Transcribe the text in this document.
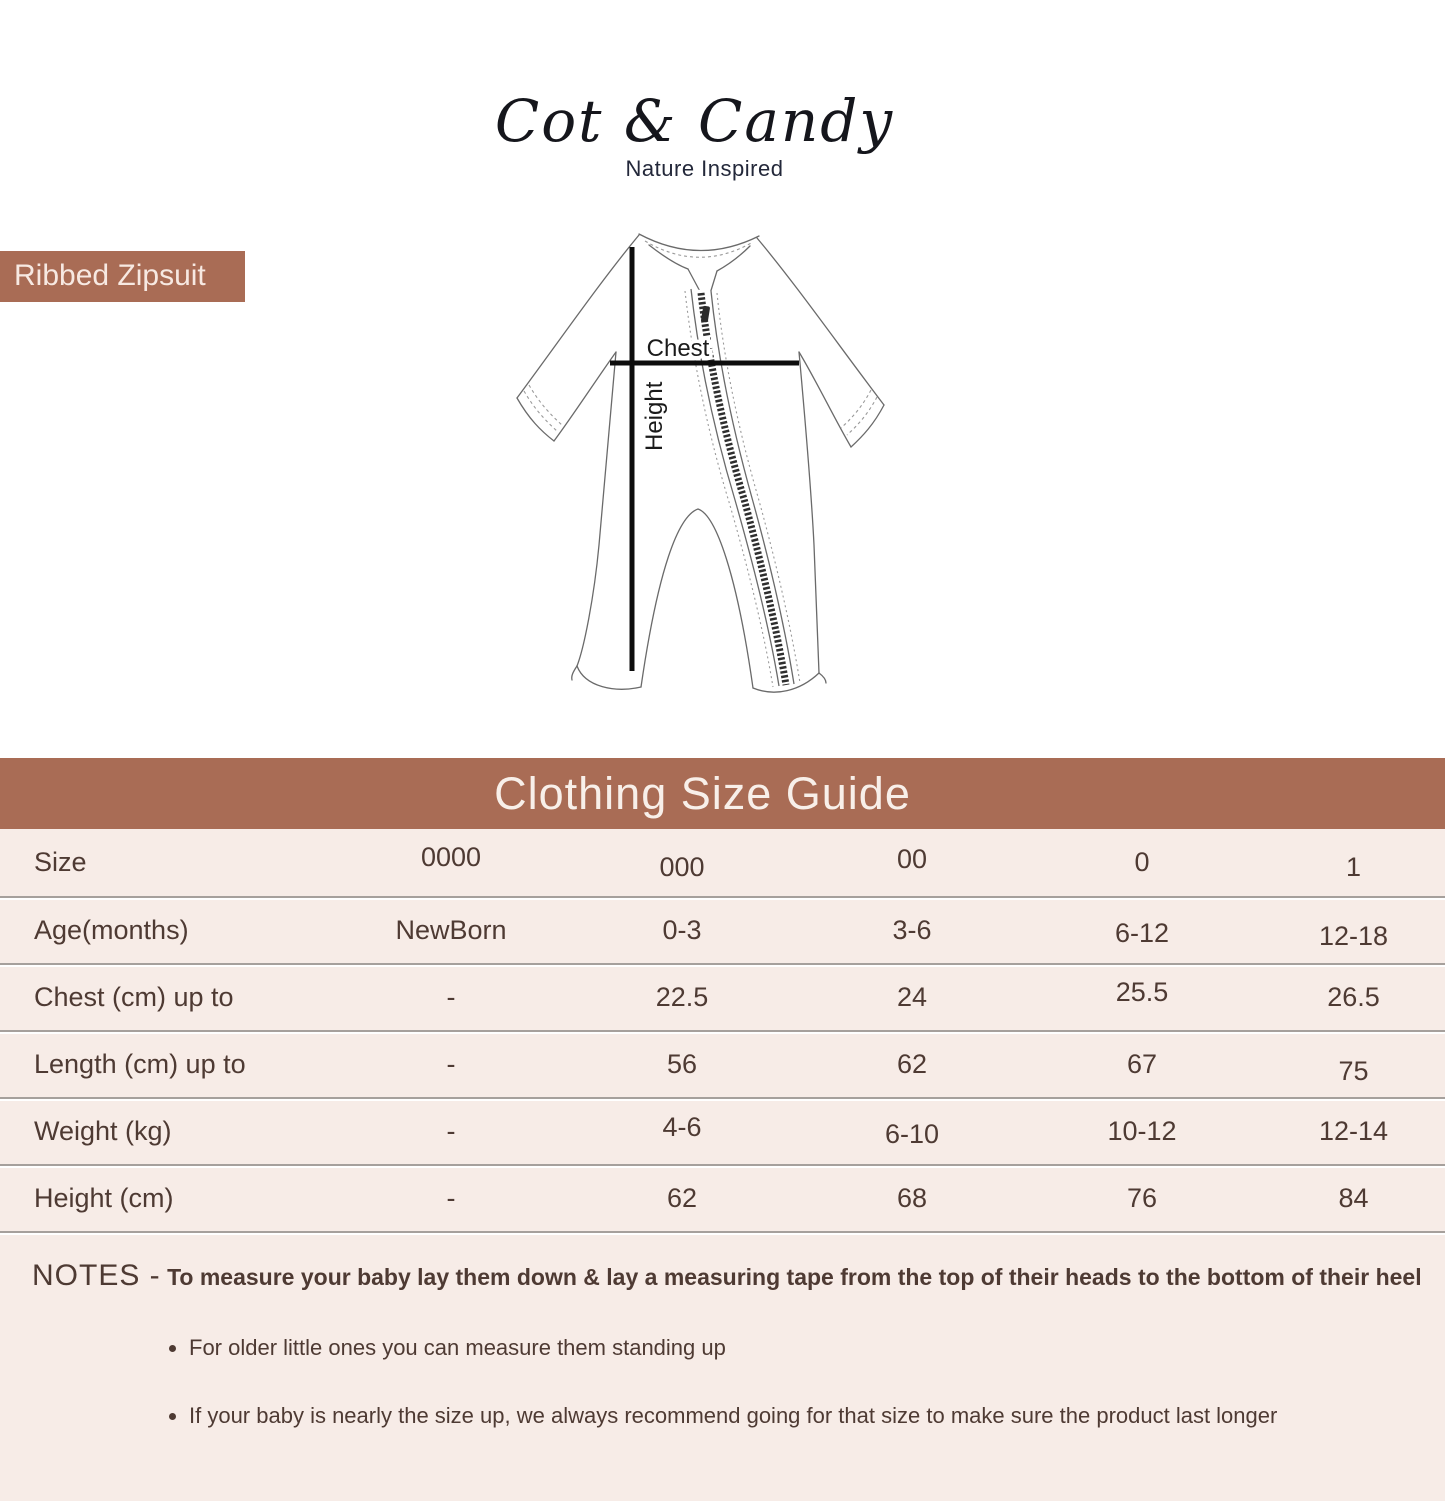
Cot & Candy
Nature Inspired
Ribbed Zipsuit
Chest
Height
Clothing Size Guide
Size	0000	000	00	0	1
Age(months)	NewBorn	0-3	3-6	6-12	12-18
Chest (cm) up to	-	22.5	24	25.5	26.5
Length (cm) up to	-	56	62	67	75
Weight (kg)	-	4-6	6-10	10-12	12-14
Height (cm)	-	62	68	76	84

NOTES - To measure your baby lay them down & lay a measuring tape from the top of their heads to the bottom of their heel

• For older little ones you can measure them standing up
• If your baby is nearly the size up, we always recommend going for that size to make sure the product last longer
